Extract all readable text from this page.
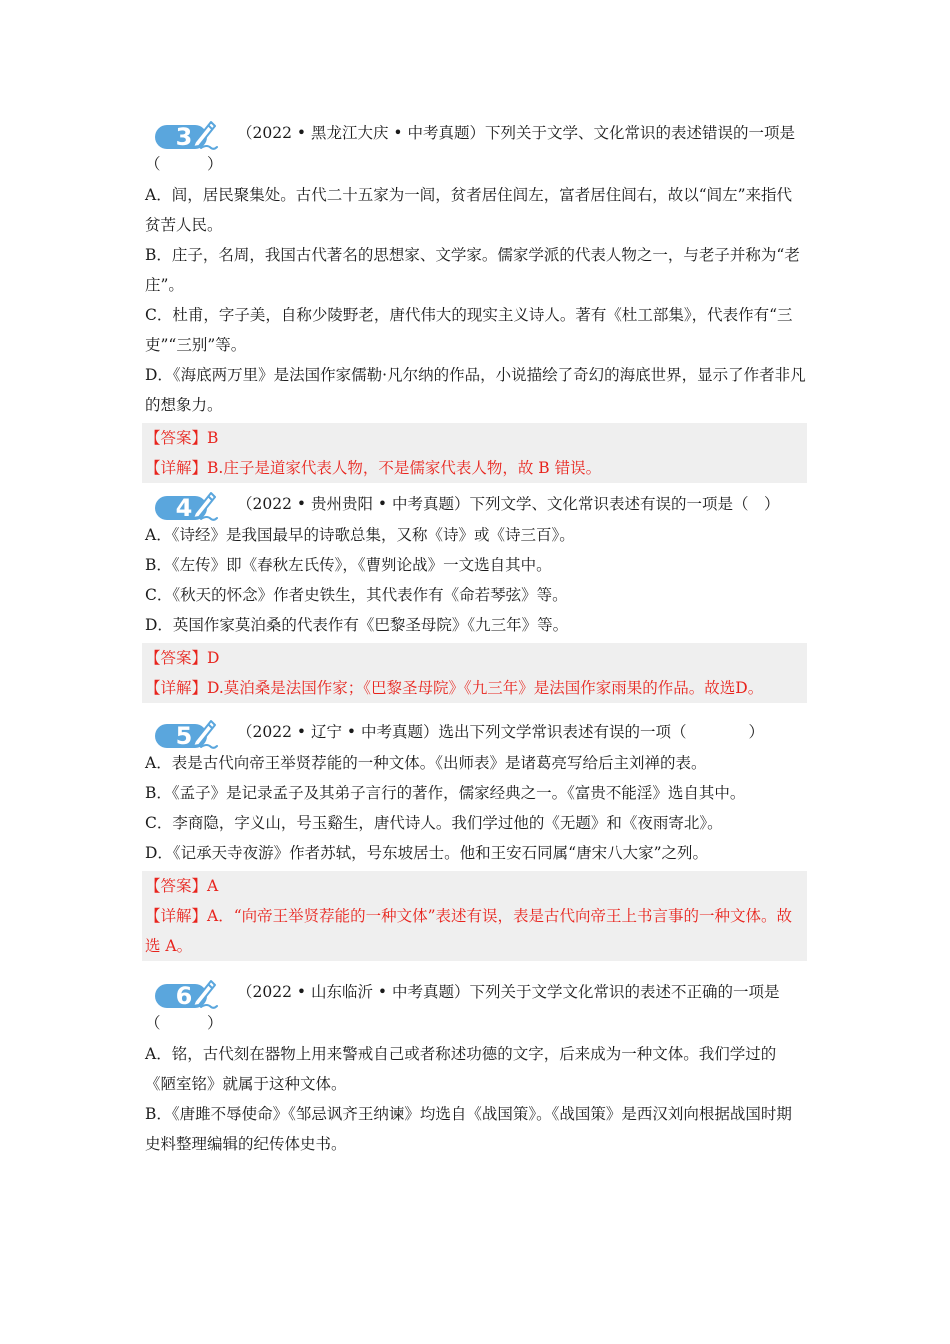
3	（2022 • 黑龙江大庆 • 中考真题）下列关于文学、文化常识的表述错误的一项是（　　　）

A．闾，居民聚集处。古代二十五家为一闾，贫者居住闾左，富者居住闾右，故以“闾左”来指代贫苦人民。

B．庄子，名周，我国古代著名的思想家、文学家。儒家学派的代表人物之一，与老子并称为“老庄”。

C．杜甫，字子美，自称少陵野老，唐代伟大的现实主义诗人。著有《杜工部集》，代表作有“三吏”“三别”等。

D．《海底两万里》是法国作家儒勒·凡尔纳的作品，小说描绘了奇幻的海底世界，显示了作者非凡的想象力。

【答案】B

【详解】B.庄子是道家代表人物，不是儒家代表人物，故 B 错误。

4	（2022 • 贵州贵阳 • 中考真题）下列文学、文化常识表述有误的一项是（　）

A．《诗经》是我国最早的诗歌总集，又称《诗》或《诗三百》。

B．《左传》即《春秋左氏传》，《曹刿论战》一文选自其中。

C．《秋天的怀念》作者史铁生，其代表作有《命若琴弦》等。

D．英国作家莫泊桑的代表作有《巴黎圣母院》《九三年》等。

【答案】D

【详解】D.莫泊桑是法国作家；《巴黎圣母院》《九三年》是法国作家雨果的作品。故选D。

5	（2022 • 辽宁 • 中考真题）选出下列文学常识表述有误的一项（　　　　）

A．表是古代向帝王举贤荐能的一种文体。《出师表》是诸葛亮写给后主刘禅的表。

B．《孟子》是记录孟子及其弟子言行的著作，儒家经典之一。《富贵不能淫》选自其中。

C．李商隐，字义山，号玉谿生，唐代诗人。我们学过他的《无题》和《夜雨寄北》。

D．《记承天寺夜游》作者苏轼，号东坡居士。他和王安石同属“唐宋八大家”之列。

【答案】A

【详解】A．“向帝王举贤荐能的一种文体”表述有误，表是古代向帝王上书言事的一种文体。故选 A。

6	（2022 • 山东临沂 • 中考真题）下列关于文学文化常识的表述不正确的一项是（　　　）

A．铭，古代刻在器物上用来警戒自己或者称述功德的文字，后来成为一种文体。我们学过的《陋室铭》就属于这种文体。

B．《唐雎不辱使命》《邹忌讽齐王纳谏》均选自《战国策》。《战国策》是西汉刘向根据战国时期史料整理编辑的纪传体史书。
